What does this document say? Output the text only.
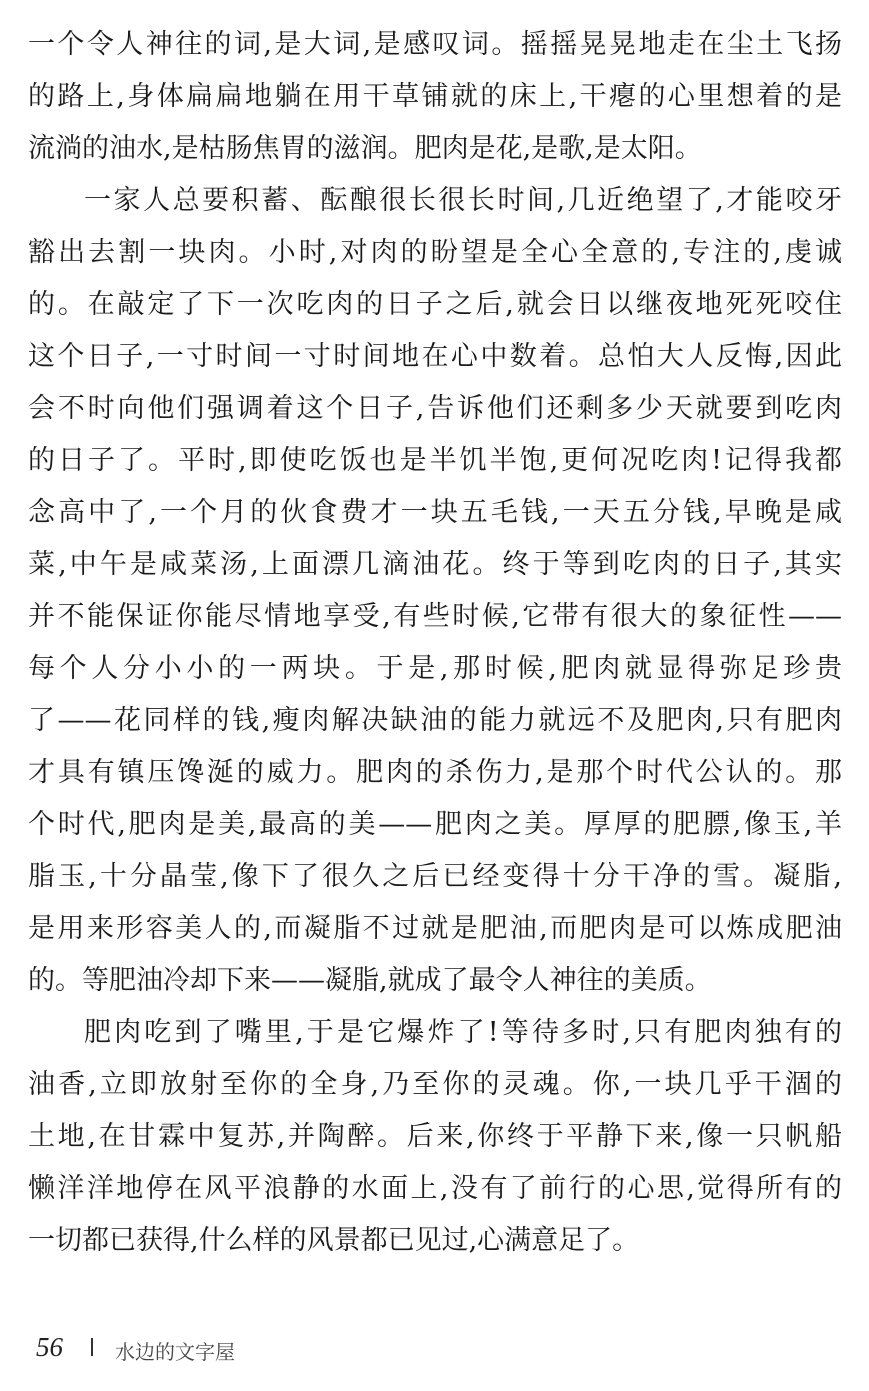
一个令人神往的词,是大词,是感叹词。摇摇晃晃地走在尘土飞扬
的路上,身体扁扁地躺在用干草铺就的床上,干瘪的心里想着的是
流淌的油水,是枯肠焦胃的滋润。肥肉是花,是歌,是太阳。
一家人总要积蓄、酝酿很长很长时间,几近绝望了,才能咬牙
豁出去割一块肉。小时,对肉的盼望是全心全意的,专注的,虔诚
的。在敲定了下一次吃肉的日子之后,就会日以继夜地死死咬住
这个日子,一寸时间一寸时间地在心中数着。总怕大人反悔,因此
会不时向他们强调着这个日子,告诉他们还剩多少天就要到吃肉
的日子了。平时,即使吃饭也是半饥半饱,更何况吃肉!记得我都
念高中了,一个月的伙食费才一块五毛钱,一天五分钱,早晚是咸
菜,中午是咸菜汤,上面漂几滴油花。终于等到吃肉的日子,其实
并不能保证你能尽情地享受,有些时候,它带有很大的象征性——
每个人分小小的一两块。于是,那时候,肥肉就显得弥足珍贵
了——花同样的钱,瘦肉解决缺油的能力就远不及肥肉,只有肥肉
才具有镇压馋涎的威力。肥肉的杀伤力,是那个时代公认的。那
个时代,肥肉是美,最高的美——肥肉之美。厚厚的肥膘,像玉,羊
脂玉,十分晶莹,像下了很久之后已经变得十分干净的雪。凝脂,
是用来形容美人的,而凝脂不过就是肥油,而肥肉是可以炼成肥油
的。等肥油冷却下来——凝脂,就成了最令人神往的美质。
肥肉吃到了嘴里,于是它爆炸了!等待多时,只有肥肉独有的
油香,立即放射至你的全身,乃至你的灵魂。你,一块几乎干涸的
土地,在甘霖中复苏,并陶醉。后来,你终于平静下来,像一只帆船
懒洋洋地停在风平浪静的水面上,没有了前行的心思,觉得所有的
一切都已获得,什么样的风景都已见过,心满意足了。
56	水边的文字屋
